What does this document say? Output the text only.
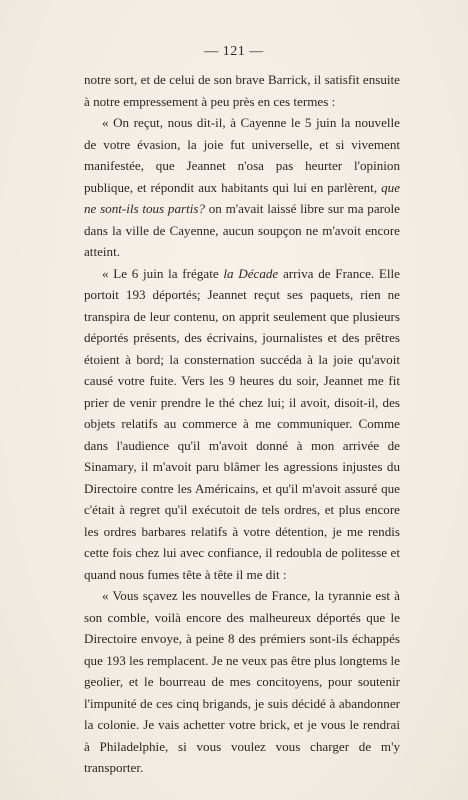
— 121 —

notre sort, et de celui de son brave Barrick, il satisfit ensuite à notre empressement à peu près en ces termes :

« On reçut, nous dit-il, à Cayenne le 5 juin la nouvelle de votre évasion, la joie fut universelle, et si vivement manifestée, que Jeannet n'osa pas heurter l'opinion publique, et répondit aux habitants qui lui en parlèrent, que ne sont-ils tous partis? on m'avait laissé libre sur ma parole dans la ville de Cayenne, aucun soupçon ne m'avoit encore atteint.

« Le 6 juin la frégate la Décade arriva de France. Elle portoit 193 déportés; Jeannet reçut ses paquets, rien ne transpira de leur contenu, on apprit seulement que plusieurs déportés présents, des écrivains, journalistes et des prêtres étoient à bord; la consternation succéda à la joie qu'avoit causé votre fuite. Vers les 9 heures du soir, Jeannet me fit prier de venir prendre le thé chez lui; il avoit, disoit-il, des objets relatifs au commerce à me communiquer. Comme dans l'audience qu'il m'avoit donné à mon arrivée de Sinamary, il m'avoit paru blâmer les agressions injustes du Directoire contre les Américains, et qu'il m'avoit assuré que c'était à regret qu'il exécutoit de tels ordres, et plus encore les ordres barbares relatifs à votre détention, je me rendis cette fois chez lui avec confiance, il redoubla de politesse et quand nous fumes tête à tête il me dit :

« Vous sçavez les nouvelles de France, la tyrannie est à son comble, voilà encore des malheureux déportés que le Directoire envoye, à peine 8 des prémiers sont-ils échappés que 193 les remplacent. Je ne veux pas être plus longtems le geolier, et le bourreau de mes concitoyens, pour soutenir l'impunité de ces cinq brigands, je suis décidé à abandonner la colonie. Je vais achetter votre brick, et je vous le rendrai à Philadelphie, si vous voulez vous charger de m'y transporter.
